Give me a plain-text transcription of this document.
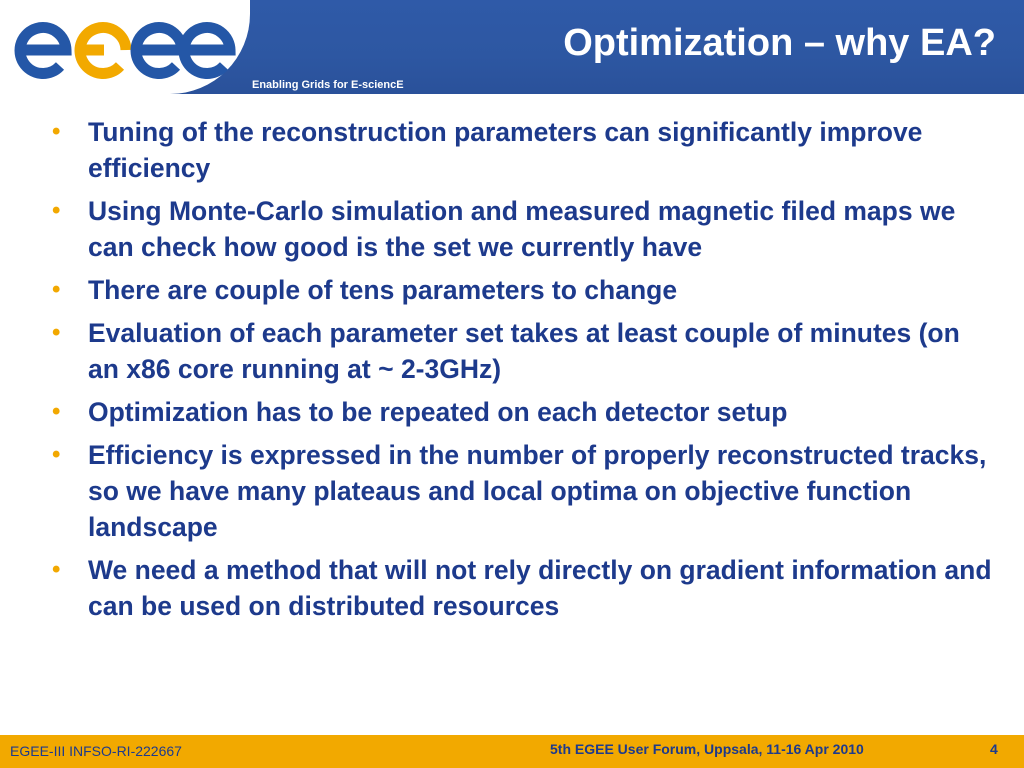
Enabling Grids for E-sciencE
Optimization – why EA?
• Tuning of the reconstruction parameters can significantly improve efficiency
• Using Monte-Carlo simulation and measured magnetic filed maps we can check how good is the set we currently have
• There are couple of tens parameters to change
• Evaluation of each parameter set takes at least couple of minutes (on an x86 core running at ~ 2-3GHz)
• Optimization has to be repeated on each detector setup
• Efficiency is expressed in the number of properly reconstructed tracks, so we have many plateaus and local optima on objective function landscape
• We need a method that will not rely directly on gradient information and can be used on distributed resources
EGEE-III INFSO-RI-222667	5th EGEE User Forum, Uppsala, 11-16 Apr 2010	4
